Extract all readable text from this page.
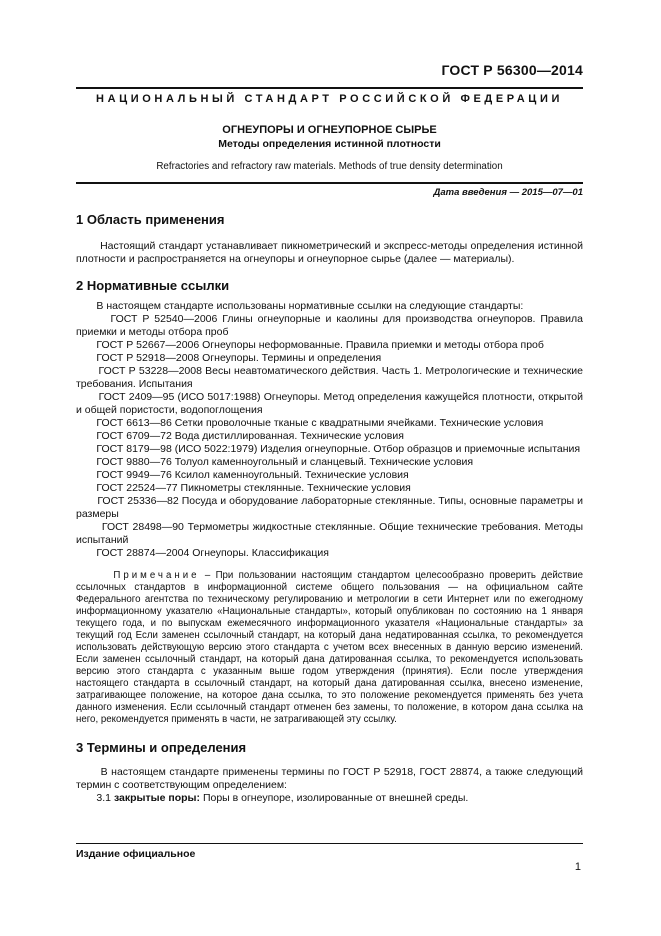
ГОСТ Р 56300—2014
НАЦИОНАЛЬНЫЙ СТАНДАРТ РОССИЙСКОЙ ФЕДЕРАЦИИ
ОГНЕУПОРЫ И ОГНЕУПОРНОЕ СЫРЬЕ
Методы определения истинной плотности
Refractories and refractory raw materials. Methods of true density determination
Дата введения — 2015—07—01
1 Область применения

Настоящий стандарт устанавливает пикнометрический и экспресс-методы определения истинной плотности и распространяется на огнеупоры и огнеупорное сырье (далее — материалы).

2 Нормативные ссылки

В настоящем стандарте использованы нормативные ссылки на следующие стандарты:

ГОСТ Р 52540—2006 Глины огнеупорные и каолины для производства огнеупоров. Правила приемки и методы отбора проб

ГОСТ Р 52667—2006 Огнеупоры неформованные. Правила приемки и методы отбора проб

ГОСТ Р 52918—2008 Огнеупоры. Термины и определения

ГОСТ Р 53228—2008 Весы неавтоматического действия. Часть 1. Метрологические и технические требования. Испытания

ГОСТ 2409—95 (ИСО 5017:1988) Огнеупоры. Метод определения кажущейся плотности, открытой и общей пористости, водопоглощения

ГОСТ 6613—86 Сетки проволочные тканые с квадратными ячейками. Технические условия

ГОСТ 6709—72 Вода дистиллированная. Технические условия

ГОСТ 8179—98 (ИСО 5022:1979) Изделия огнеупорные. Отбор образцов и приемочные испытания

ГОСТ 9880—76 Толуол каменноугольный и сланцевый. Технические условия

ГОСТ 9949—76 Ксилол каменноугольный. Технические условия

ГОСТ 22524—77 Пикнометры стеклянные. Технические условия

ГОСТ 25336—82 Посуда и оборудование лабораторные стеклянные. Типы, основные параметры и размеры

ГОСТ 28498—90 Термометры жидкостные стеклянные. Общие технические требования. Методы испытаний

ГОСТ 28874—2004 Огнеупоры. Классификация

Примечание – При пользовании настоящим стандартом целесообразно проверить действие ссылочных стандартов в информационной системе общего пользования — на официальном сайте Федерального агентства по техническому регулированию и метрологии в сети Интернет или по ежегодному информационному указателю «Национальные стандарты», который опубликован по состоянию на 1 января текущего года, и по выпускам ежемесячного информационного указателя «Национальные стандарты» за текущий год Если заменен ссылочный стандарт, на который дана недатированная ссылка, то рекомендуется использовать действующую версию этого стандарта с учетом всех внесенных в данную версию изменений. Если заменен ссылочный стандарт, на который дана датированная ссылка, то рекомендуется использовать версию этого стандарта с указанным выше годом утверждения (принятия). Если после утверждения настоящего стандарта в ссылочный стандарт, на который дана датированная ссылка, внесено изменение, затрагивающее положение, на которое дана ссылка, то это положение рекомендуется применять без учета данного изменения. Если ссылочный стандарт отменен без замены, то положение, в котором дана ссылка на него, рекомендуется применять в части, не затрагивающей эту ссылку.

3 Термины и определения

В настоящем стандарте применены термины по ГОСТ Р 52918, ГОСТ 28874, а также следующий термин с соответствующим определением:

3.1 закрытые поры: Поры в огнеупоре, изолированные от внешней среды.

Издание официальное
1
